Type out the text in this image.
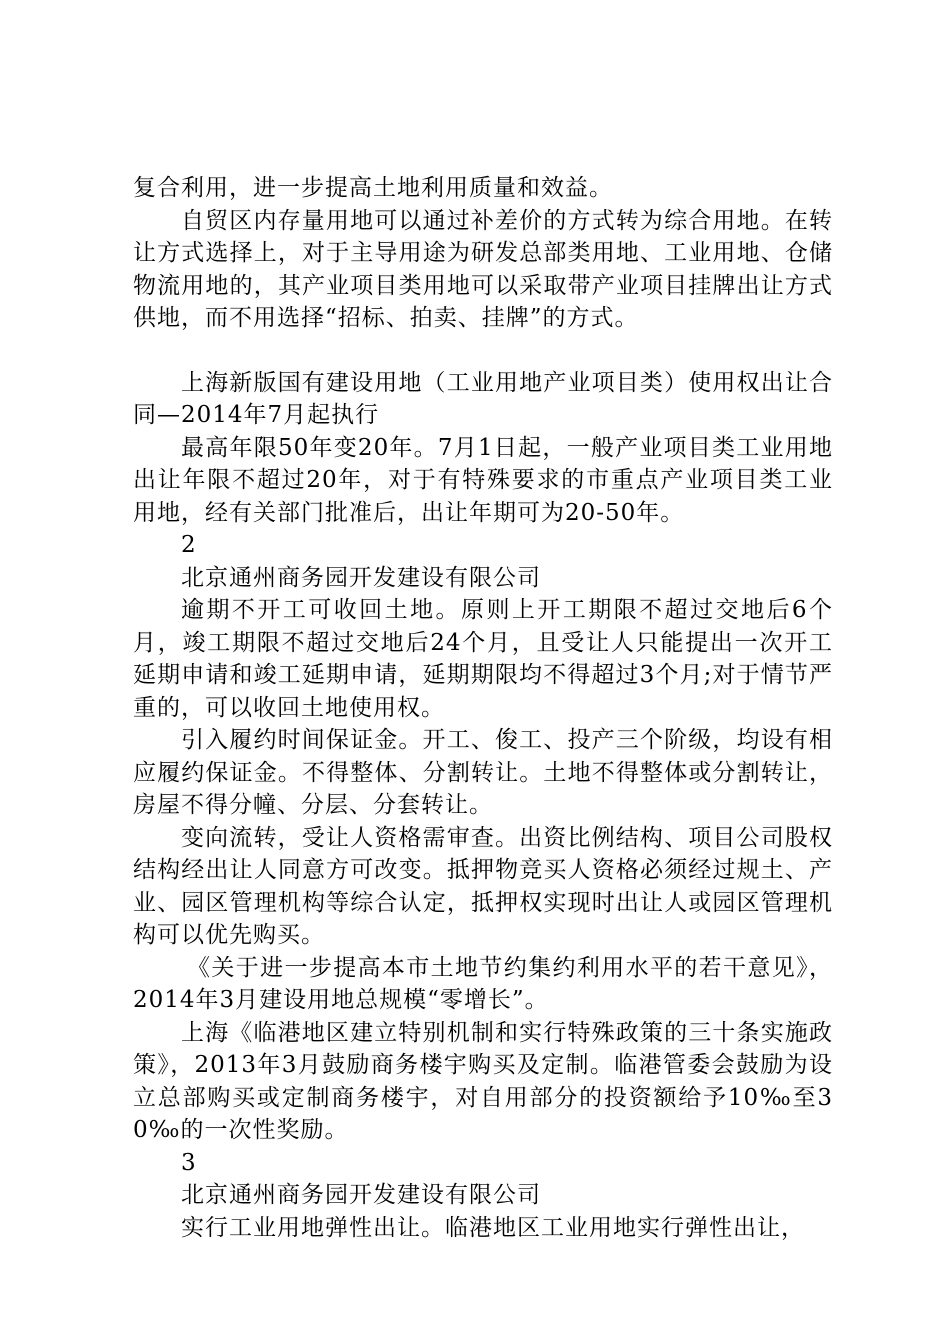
复合利用，进一步提高土地利用质量和效益。

自贸区内存量用地可以通过补差价的方式转为综合用地。在转让方式选择上，对于主导用途为研发总部类用地、工业用地、仓储物流用地的，其产业项目类用地可以采取带产业项目挂牌出让方式供地，而不用选择“招标、拍卖、挂牌”的方式。

上海新版国有建设用地（工业用地产业项目类）使用权出让合同—2014年7月起执行

最高年限50年变20年。7月1日起，一般产业项目类工业用地出让年限不超过20年，对于有特殊要求的市重点产业项目类工业用地，经有关部门批准后，出让年期可为20-50年。

2

北京通州商务园开发建设有限公司

逾期不开工可收回土地。原则上开工期限不超过交地后6个月，竣工期限不超过交地后24个月，且受让人只能提出一次开工延期申请和竣工延期申请，延期期限均不得超过3个月;对于情节严重的，可以收回土地使用权。

引入履约时间保证金。开工、俊工、投产三个阶级，均设有相应履约保证金。不得整体、分割转让。土地不得整体或分割转让，房屋不得分幢、分层、分套转让。

变向流转，受让人资格需审查。出资比例结构、项目公司股权结构经出让人同意方可改变。抵押物竞买人资格必须经过规土、产业、园区管理机构等综合认定，抵押权实现时出让人或园区管理机构可以优先购买。

《关于进一步提高本市土地节约集约利用水平的若干意见》，2014年3月建设用地总规模“零增长”。

上海《临港地区建立特别机制和实行特殊政策的三十条实施政策》，2013年3月鼓励商务楼宇购买及定制。临港管委会鼓励为设立总部购买或定制商务楼宇，对自用部分的投资额给予10‰至30‰的一次性奖励。

3

北京通州商务园开发建设有限公司

实行工业用地弹性出让。临港地区工业用地实行弹性出让，
